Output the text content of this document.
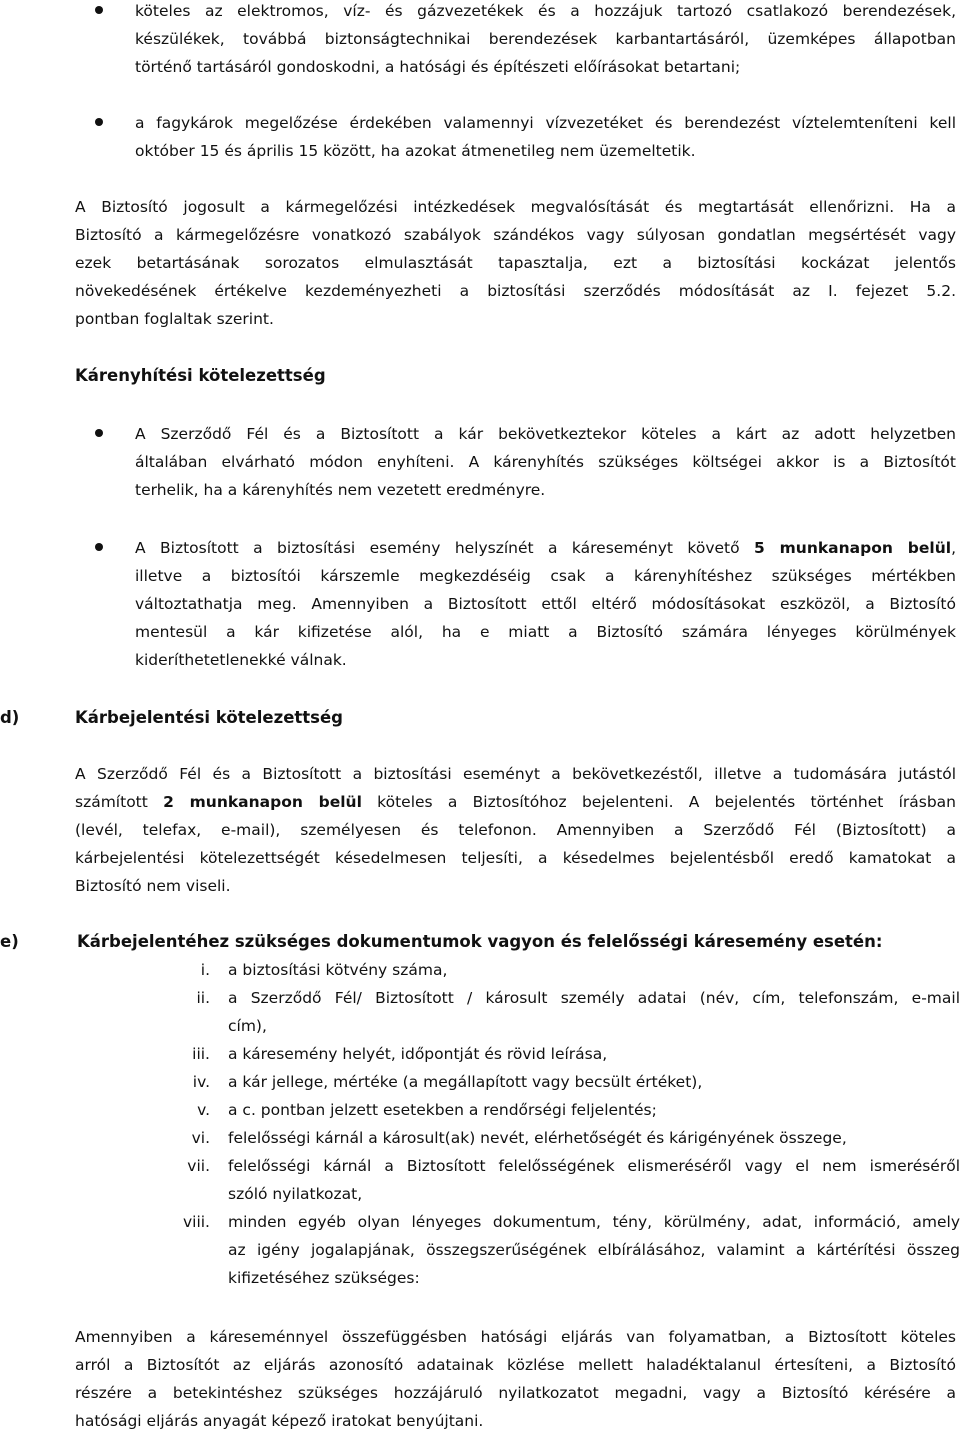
köteles az elektromos, víz- és gázvezetékek és a hozzájuk tartozó csatlakozó berendezések,
készülékek, továbbá biztonságtechnikai berendezések karbantartásáról, üzemképes állapotban
történő tartásáról gondoskodni, a hatósági és építészeti előírásokat betartani;
a fagykárok megelőzése érdekében valamennyi vízvezetéket és berendezést víztelemteníteni kell
október 15 és április 15 között, ha azokat átmenetileg nem üzemeltetik.
A Biztosító jogosult a kármegelőzési intézkedések megvalósítását és megtartását ellenőrizni. Ha a
Biztosító a kármegelőzésre vonatkozó szabályok szándékos vagy súlyosan gondatlan megsértését vagy
ezek betartásának sorozatos elmulasztását tapasztalja, ezt a biztosítási kockázat jelentős
növekedésének értékelve kezdeményezheti a biztosítási szerződés módosítását az I. fejezet 5.2.
pontban foglaltak szerint.
Kárenyhítési kötelezettség
A Szerződő Fél és a Biztosított a kár bekövetkeztekor köteles a kárt az adott helyzetben
általában elvárható módon enyhíteni. A kárenyhítés szükséges költségei akkor is a Biztosítót
terhelik, ha a kárenyhítés nem vezetett eredményre.
A Biztosított a biztosítási esemény helyszínét a káreseményt követő 5 munkanapon belül,
illetve a biztosítói kárszemle megkezdéséig csak a kárenyhítéshez szükséges mértékben
változtathatja meg. Amennyiben a Biztosított ettől eltérő módosításokat eszközöl, a Biztosító
mentesül a kár kifizetése alól, ha e miatt a Biztosító számára lényeges körülmények
kideríthetetlenekké válnak.
d)	Kárbejelentési kötelezettség
A Szerződő Fél és a Biztosított a biztosítási eseményt a bekövetkezéstől, illetve a tudomására jutástól
számított 2 munkanapon belül köteles a Biztosítóhoz bejelenteni. A bejelentés történhet írásban
(levél, telefax, e-mail), személyesen és telefonon. Amennyiben a Szerződő Fél (Biztosított) a
kárbejelentési kötelezettségét késedelmesen teljesíti, a késedelmes bejelentésből eredő kamatokat a
Biztosító nem viseli.
e)	Kárbejelentéhez szükséges dokumentumok vagyon és felelősségi káresemény esetén:
i. a biztosítási kötvény száma,
ii. a Szerződő Fél/ Biztosított / károsult személy adatai (név, cím, telefonszám, e-mail
cím),
iii. a káresemény helyét, időpontját és rövid leírása,
iv. a kár jellege, mértéke (a megállapított vagy becsült értéket),
v. a c. pontban jelzett esetekben a rendőrségi feljelentés;
vi. felelősségi kárnál a károsult(ak) nevét, elérhetőségét és kárigényének összege,
vii. felelősségi kárnál a Biztosított felelősségének elismeréséről vagy el nem ismeréséről
szóló nyilatkozat,
viii. minden egyéb olyan lényeges dokumentum, tény, körülmény, adat, információ, amely
az igény jogalapjának, összegszerűségének elbírálásához, valamint a kártérítési összeg
kifizetéséhez szükséges:
Amennyiben a káreseménnyel összefüggésben hatósági eljárás van folyamatban, a Biztosított köteles
arról a Biztosítót az eljárás azonosító adatainak közlése mellett haladéktalanul értesíteni, a Biztosító
részére a betekintéshez szükséges hozzájáruló nyilatkozatot megadni, vagy a Biztosító kérésére a
hatósági eljárás anyagát képező iratokat benyújtani.
